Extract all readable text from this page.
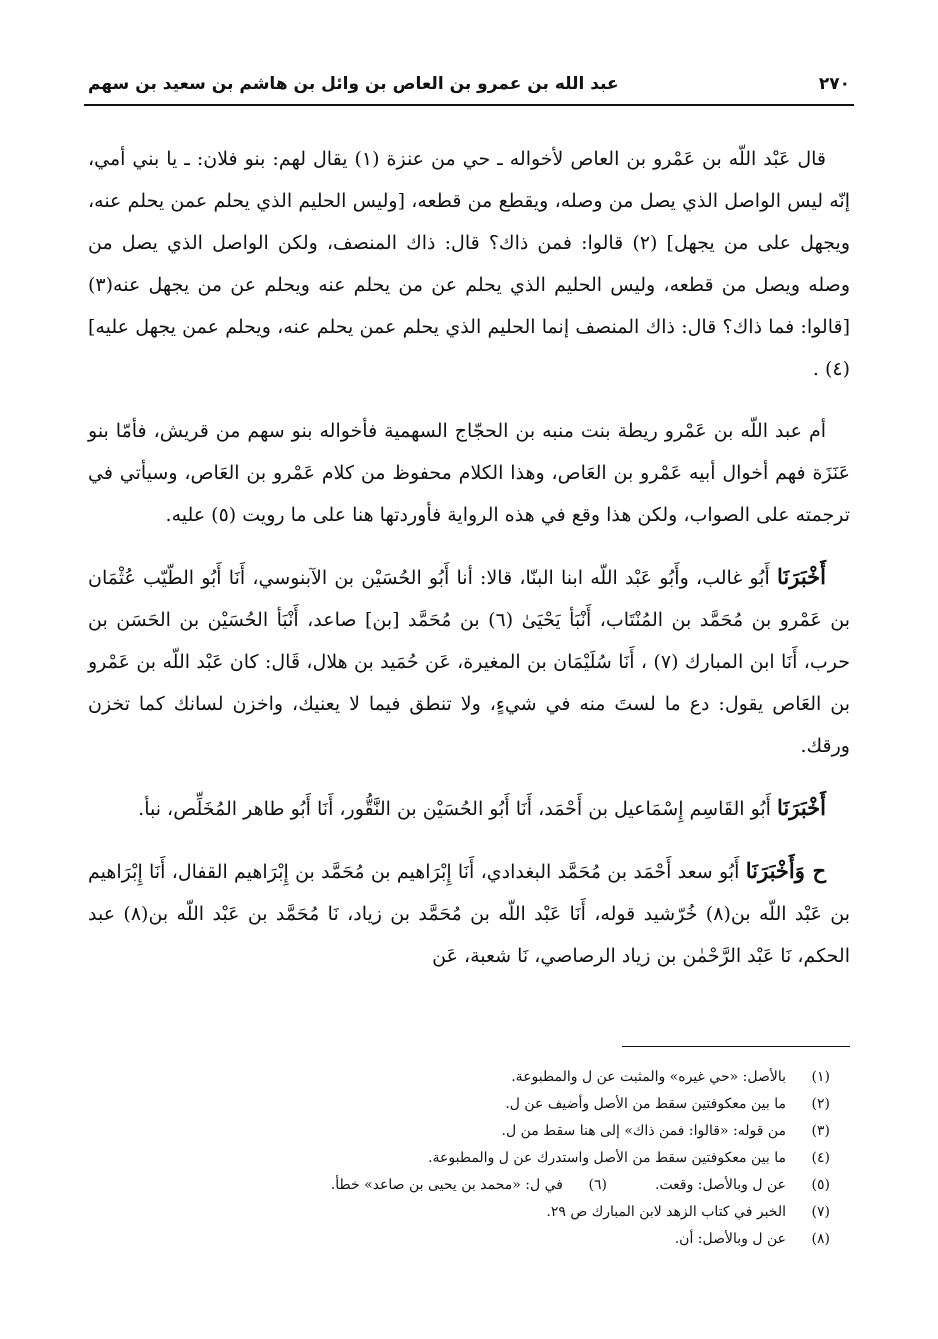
٢٧٠
عبد الله بن عمرو بن العاص بن وائل بن هاشم بن سعيد بن سهم

قال عَبْد اللّه بن عَمْرو بن العاص لأخواله ـ حي من عنزة (١) يقال لهم: بنو فلان: ـ يا بني أمي، إنّه ليس الواصل الذي يصل من وصله، ويقطع من قطعه، [وليس الحليم الذي يحلم عمن يحلم عنه، ويجهل على من يجهل] (٢) قالوا: فمن ذاك؟ قال: ذاك المنصف، ولكن الواصل الذي يصل من وصله ويصل من قطعه، وليس الحليم الذي يحلم عن من يحلم عنه ويحلم عن من يجهل عنه(٣) [قالوا: فما ذاك؟ قال: ذاك المنصف إنما الحليم الذي يحلم عمن يحلم عنه، ويحلم عمن يجهل عليه] (٤) .

أم عبد اللّه بن عَمْرو ريطة بنت منبه بن الحجّاج السهمية فأخواله بنو سهم من قريش، فأمّا بنو عَنَزَة فهم أخوال أبيه عَمْرو بن العَاص، وهذا الكلام محفوظ من كلام عَمْرو بن العَاص، وسيأتي في ترجمته على الصواب، ولكن هذا وقع في هذه الرواية فأوردتها هنا على ما رويت (٥) عليه.

أَخْبَرَنَا أَبُو غالب، وأَبُو عَبْد اللّه ابنا البنّا، قالا: أنا أَبُو الحُسَيْن بن الآبنوسي، أَنَا أَبُو الطّيّب عُثْمَان بن عَمْرو بن مُحَمَّد بن المُنْتَاب، أَنْبَأ يَحْيَىٰ (٦) بن مُحَمَّد [بن] صاعد، أَنْبَأ الحُسَيْن بن الحَسَن بن حرب، أَنَا ابن المبارك (٧) ، أَنَا سُلَيْمَان بن المغيرة، عَن حُمَيد بن هلال، قَال: كان عَبْد اللّه بن عَمْرو بن العَاص يقول: دع ما لستَ منه في شيءٍ، ولا تنطق فيما لا يعنيك، واخزن لسانك كما تخزن ورقك.

أَخْبَرَنَا أَبُو القَاسِم إِسْمَاعيل بن أَحْمَد، أَنَا أَبُو الحُسَيْن بن النَّقُّور، أَنَا أَبُو طاهر المُخَلِّص، نبأ.

ح وَأَخْبَرَنَا أَبُو سعد أَحْمَد بن مُحَمَّد البغدادي، أَنَا إِبْرَاهيم بن مُحَمَّد بن إِبْرَاهيم القفال، أَنَا إِبْرَاهيم بن عَبْد اللّه بن(٨) خُرّشيد قوله، أَنَا عَبْد اللّه بن مُحَمَّد بن زياد، نَا مُحَمَّد بن عَبْد اللّه بن(٨) عبد الحكم، نَا عَبْد الرَّحْمٰن بن زياد الرصاصي، نَا شعبة، عَن

(١)بالأصل: «حي غيره» والمثبت عن ل والمطبوعة.
(٢)ما بين معكوفتين سقط من الأصل وأضيف عن ل.
(٣)من قوله: «قالوا: فمن ذاك» إلى هنا سقط من ل.
(٤)ما بين معكوفتين سقط من الأصل واستدرك عن ل والمطبوعة.
(٥)عن ل وبالأصل: وقعت.(٦)في ل: «محمد بن يحيى بن صاعد» خطأ.
(٧)الخبر في كتاب الزهد لابن المبارك ص ٢٩.
(٨)عن ل وبالأصل: أن.
